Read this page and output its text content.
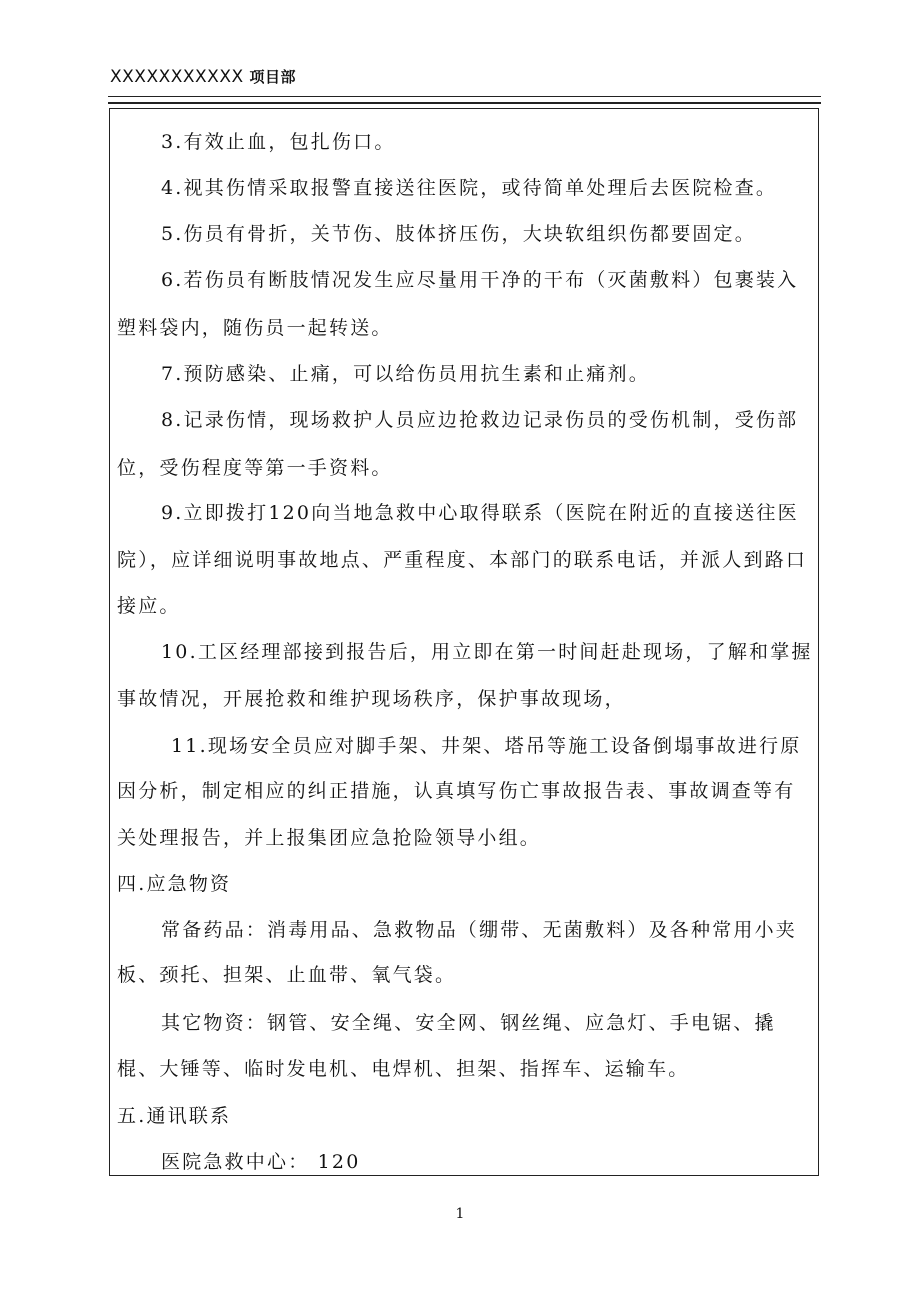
XXXXXXXXXXX 项目部
3.有效止血，包扎伤口。
4.视其伤情采取报警直接送往医院，或待简单处理后去医院检查。
5.伤员有骨折，关节伤、肢体挤压伤，大块软组织伤都要固定。
6.若伤员有断肢情况发生应尽量用干净的干布（灭菌敷料）包裹装入
塑料袋内，随伤员一起转送。
7.预防感染、止痛，可以给伤员用抗生素和止痛剂。
8.记录伤情，现场救护人员应边抢救边记录伤员的受伤机制，受伤部
位，受伤程度等第一手资料。
9.立即拨打120向当地急救中心取得联系（医院在附近的直接送往医
院），应详细说明事故地点、严重程度、本部门的联系电话，并派人到路口
接应。
10.工区经理部接到报告后，用立即在第一时间赶赴现场，了解和掌握
事故情况，开展抢救和维护现场秩序，保护事故现场，
11.现场安全员应对脚手架、井架、塔吊等施工设备倒塌事故进行原
因分析，制定相应的纠正措施，认真填写伤亡事故报告表、事故调查等有
关处理报告，并上报集团应急抢险领导小组。
四.应急物资
常备药品：消毒用品、急救物品（绷带、无菌敷料）及各种常用小夹
板、颈托、担架、止血带、氧气袋。
其它物资：钢管、安全绳、安全网、钢丝绳、应急灯、手电锯、撬
棍、大锤等、临时发电机、电焊机、担架、指挥车、运输车。
五.通讯联系
医院急救中心： 120
1
